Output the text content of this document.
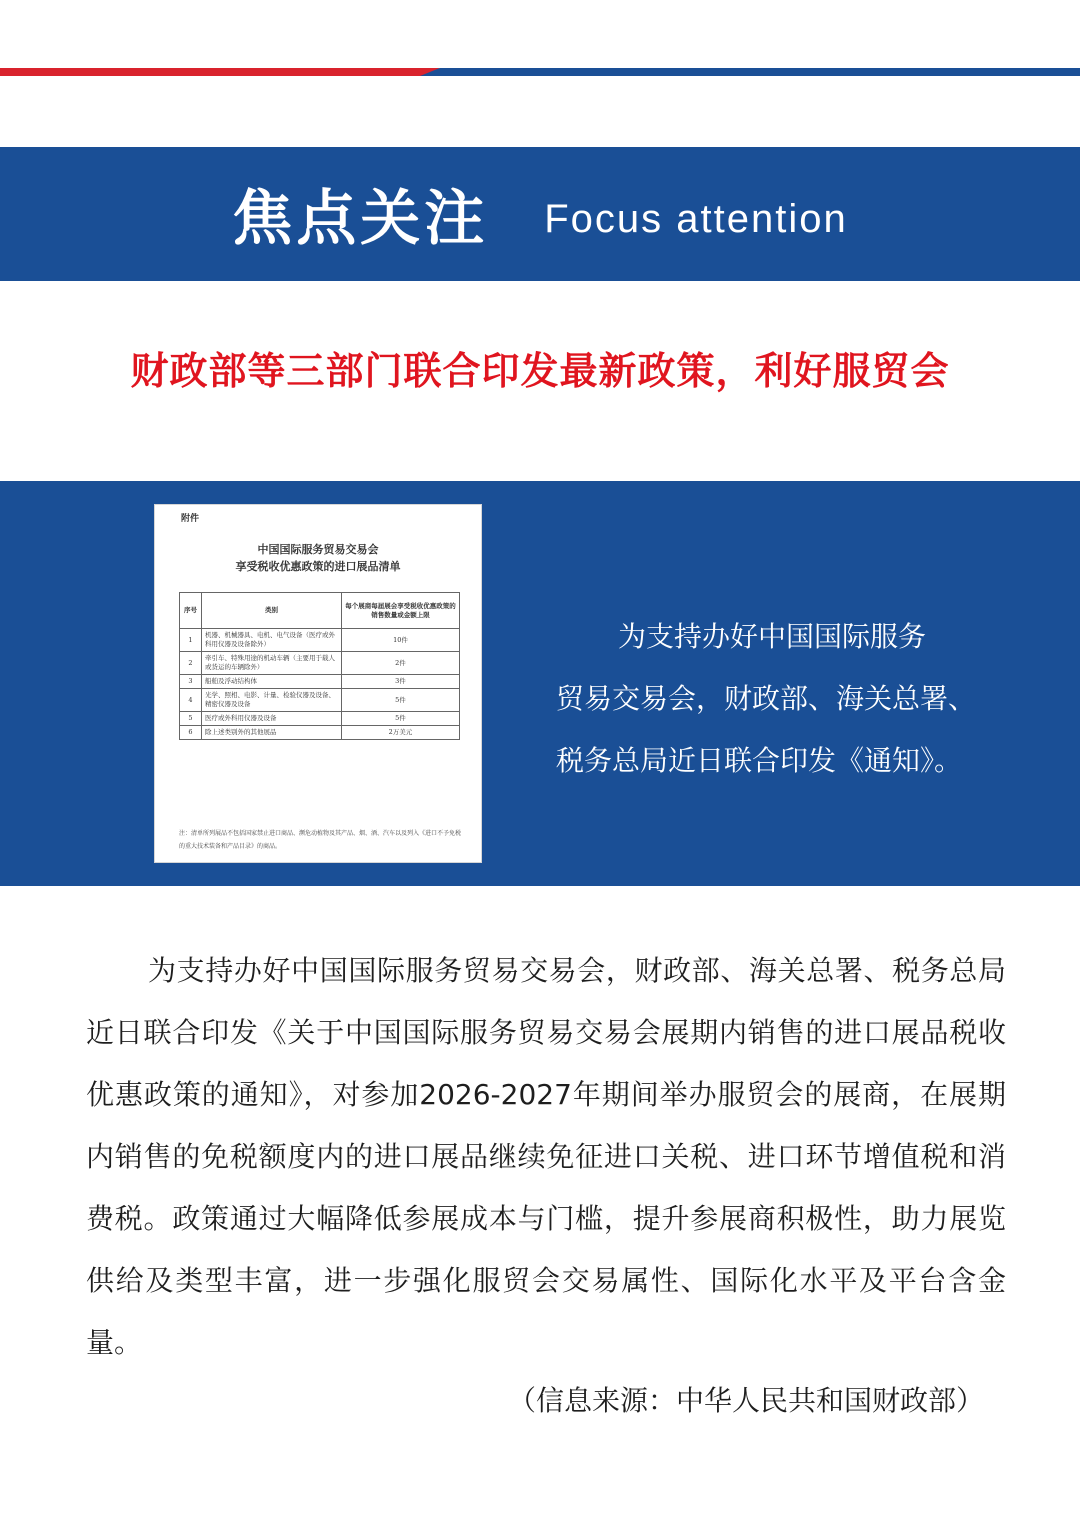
焦点关注 Focus attention
财政部等三部门联合印发最新政策，利好服贸会
附件
中国国际服务贸易交易会
享受税收优惠政策的进口展品清单
序号	类别	每个展商每届展会享受税收优惠政策的销售数量或金额上限
1	机器、机械器具、电机、电气设备（医疗或外科用仪器及设备除外）	10件
2	牵引车、特殊用途的机动车辆（主要用于载人或货运的车辆除外）	2件
3	船舶及浮动结构体	3件
4	光学、照相、电影、计量、检验仪器及设备、精密仪器及设备	5件
5	医疗或外科用仪器及设备	5件
6	除上述类别外的其他展品	2万美元
注：清单所列展品不包括国家禁止进口商品、濒危动植物及其产品、烟、酒、汽车以及列入《进口不予免税的重大技术装备和产品目录》的商品。
为支持办好中国国际服务
贸易交易会，财政部、海关总署、
税务总局近日联合印发《通知》。
为支持办好中国国际服务贸易交易会，财政部、海关总署、税务总局近日联合印发《关于中国国际服务贸易交易会展期内销售的进口展品税收优惠政策的通知》，对参加2026-2027年期间举办服贸会的展商，在展期内销售的免税额度内的进口展品继续免征进口关税、进口环节增值税和消费税。政策通过大幅降低参展成本与门槛，提升参展商积极性，助力展览供给及类型丰富，进一步强化服贸会交易属性、国际化水平及平台含金量。
（信息来源：中华人民共和国财政部）
